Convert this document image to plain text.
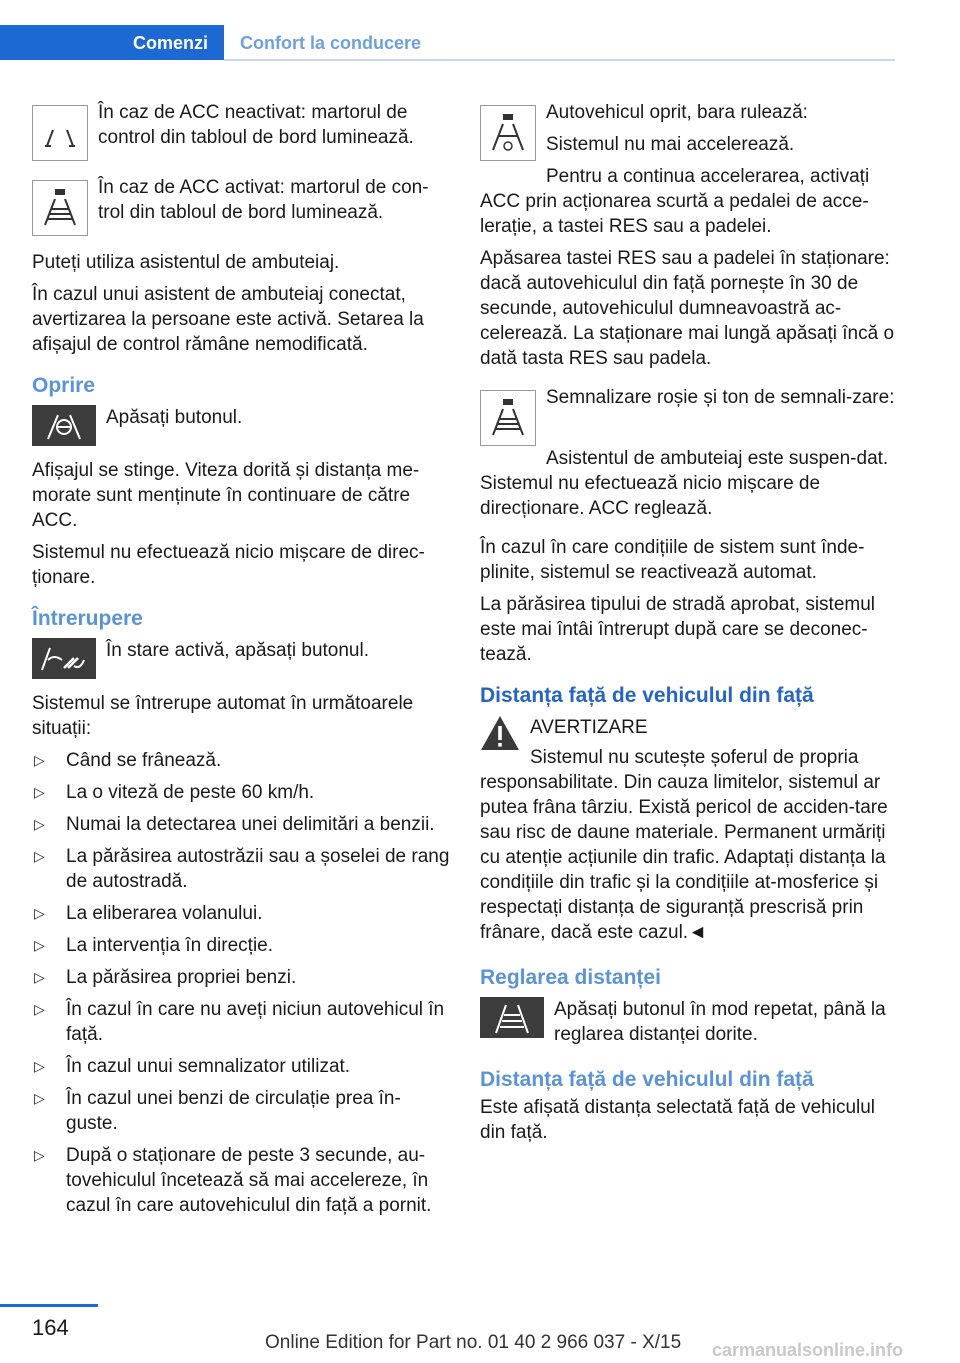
Comenzi	Confort la conducere
În caz de ACC neactivat: martorul de control din tabloul de bord luminează.
În caz de ACC activat: martorul de con‐trol din tabloul de bord luminează.

Puteți utiliza asistentul de ambuteiaj.

În cazul unui asistent de ambuteiaj conectat, avertizarea la persoane este activă. Setarea la afișajul de control rămâne nemodificată.

Oprire
Apăsați butonul.

Afișajul se stinge. Viteza dorită și distanța me‐morate sunt menținute în continuare de către ACC.

Sistemul nu efectuează nicio mișcare de direc‐ționare.

Întrerupere
În stare activă, apăsați butonul.

Sistemul se întrerupe automat în următoarele situații:

▷ Când se frânează.
▷ La o viteză de peste 60 km/h.
▷ Numai la detectarea unei delimitări a benzii.
▷ La părăsirea autostrăzii sau a șoselei de rang de autostradă.
▷ La eliberarea volanului.
▷ La intervenția în direcție.
▷ La părăsirea propriei benzi.
▷ În cazul în care nu aveți niciun autovehicul în față.
▷ În cazul unui semnalizator utilizat.
▷ În cazul unei benzi de circulație prea în‐guste.
▷ După o staționare de peste 3 secunde, au‐tovehiculul încetează să mai accelereze, în cazul în care autovehiculul din față a pornit.

Autovehicul oprit, bara rulează:

Sistemul nu mai accelerează.

Pentru a continua accelerarea, activați ACC prin acționarea scurtă a pedalei de acce‐lerație, a tastei RES sau a padelei.

Apăsarea tastei RES sau a padelei în staționare: dacă autovehiculul din față pornește în 30 de secunde, autovehiculul dumneavoastră ac‐celerează. La staționare mai lungă apăsați încă o dată tasta RES sau padela.

Semnalizare roșie și ton de semnali‐zare:

Asistentul de ambuteiaj este suspen‐dat. Sistemul nu efectuează nicio mișcare de direcționare. ACC reglează.

În cazul în care condițiile de sistem sunt înde‐plinite, sistemul se reactivează automat.

La părăsirea tipului de stradă aprobat, sistemul este mai întâi întrerupt după care se deconec‐tează.

Distanța față de vehiculul din față
AVERTIZARE

Sistemul nu scutește șoferul de propria responsabilitate. Din cauza limitelor, sistemul ar putea frâna târziu. Există pericol de acciden‐tare sau risc de daune materiale. Permanent urmăriți cu atenție acțiunile din trafic. Adaptați distanța la condițiile din trafic și la condițiile at‐mosferice și respectați distanța de siguranță prescrisă prin frânare, dacă este cazul.◄

Reglarea distanței
Apăsați butonul în mod repetat, până la reglarea distanței dorite.
Distanța față de vehiculul din față

Este afișată distanța selectată față de vehiculul din față.

164
Online Edition for Part no. 01 40 2 966 037 - X/15 carmanualsonline.info
